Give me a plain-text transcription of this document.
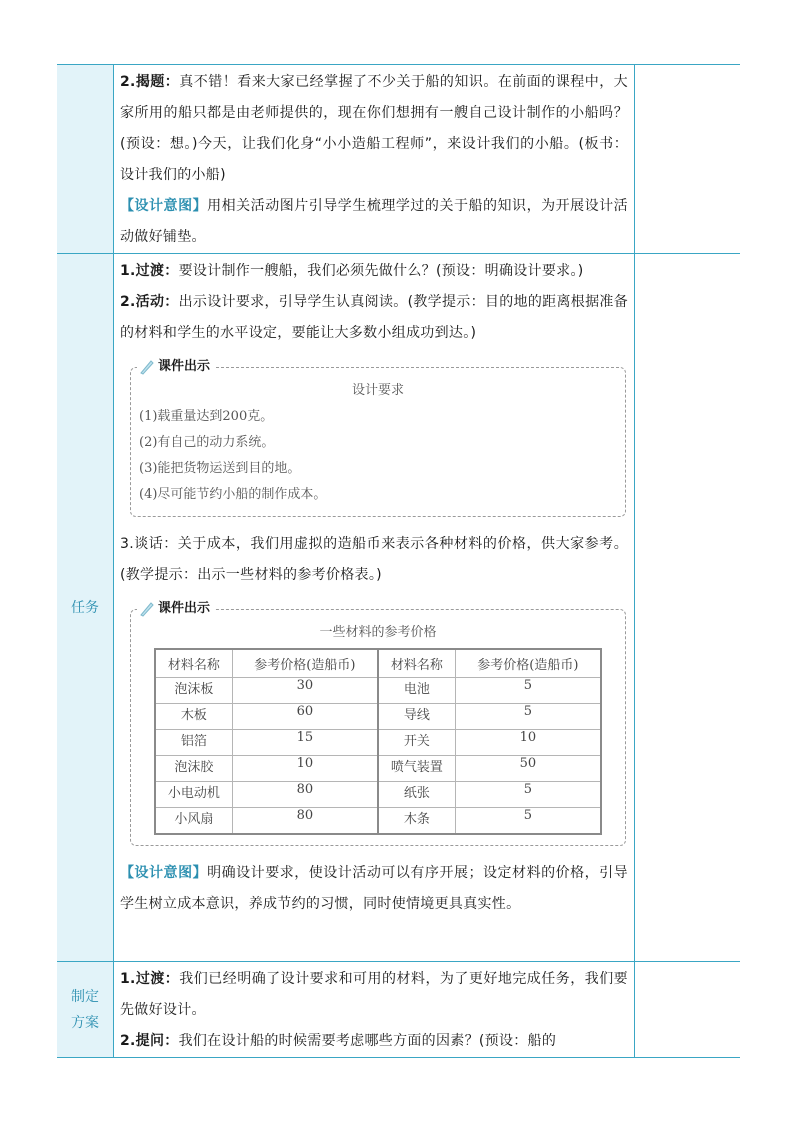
2.揭题：真不错！看来大家已经掌握了不少关于船的知识。在前面的课程中，大家所用的船只都是由老师提供的，现在你们想拥有一艘自己设计制作的小船吗？(预设：想。)今天，让我们化身“小小造船工程师”，来设计我们的小船。(板书：设计我们的小船)

【设计意图】用相关活动图片引导学生梳理学过的关于船的知识，为开展设计活动做好铺垫。

任务	

1.过渡：要设计制作一艘船，我们必须先做什么？(预设：明确设计要求。)

2.活动：出示设计要求，引导学生认真阅读。(教学提示：目的地的距离根据准备的材料和学生的水平设定，要能让大多数小组成功到达。)

课件出示
设计要求

(1)载重量达到200克。

(2)有自己的动力系统。

(3)能把货物运送到目的地。

(4)尽可能节约小船的制作成本。

3.谈话：关于成本，我们用虚拟的造船币来表示各种材料的价格，供大家参考。(教学提示：出示一些材料的参考价格表。)

课件出示
一些材料的参考价格
材料名称	参考价格(造船币)	材料名称	参考价格(造船币)
泡沫板	30	电池	5
木板	60	导线	5
铝箔	15	开关	10
泡沫胶	10	喷气装置	50
小电动机	80	纸张	5
小风扇	80	木条	5

【设计意图】明确设计要求，使设计活动可以有序开展；设定材料的价格，引导学生树立成本意识，养成节约的习惯，同时使情境更具真实性。

制定
方案

1.过渡：我们已经明确了设计要求和可用的材料，为了更好地完成任务，我们要先做好设计。

2.提问：我们在设计船的时候需要考虑哪些方面的因素？(预设：船的
